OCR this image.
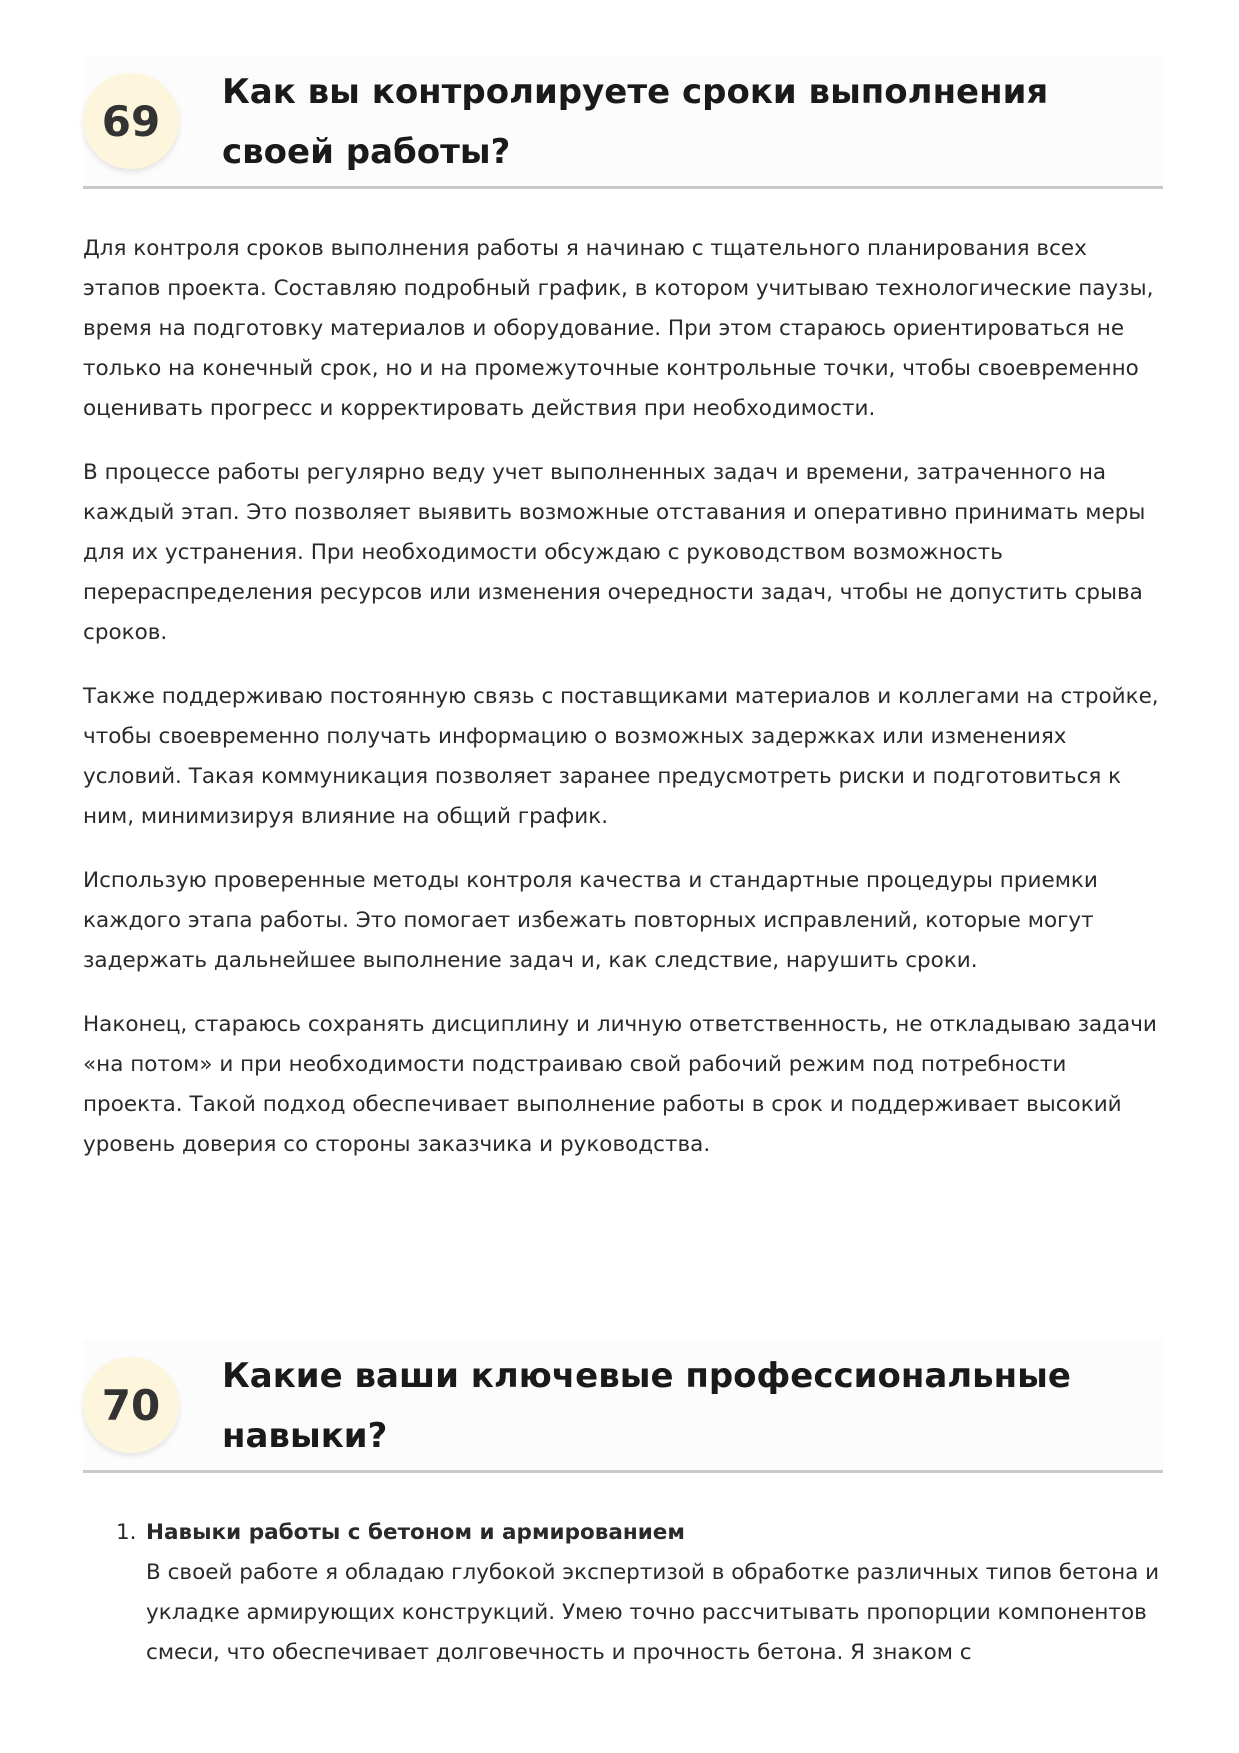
69
Как вы контролируете сроки выполнения своей работы?

Для контроля сроков выполнения работы я начинаю с тщательного планирования всех этапов проекта. Составляю подробный график, в котором учитываю технологические паузы, время на подготовку материалов и оборудование. При этом стараюсь ориентироваться не только на конечный срок, но и на промежуточные контрольные точки, чтобы своевременно оценивать прогресс и корректировать действия при необходимости.

В процессе работы регулярно веду учет выполненных задач и времени, затраченного на каждый этап. Это позволяет выявить возможные отставания и оперативно принимать меры для их устранения. При необходимости обсуждаю с руководством возможность перераспределения ресурсов или изменения очередности задач, чтобы не допустить срыва сроков.

Также поддерживаю постоянную связь с поставщиками материалов и коллегами на стройке, чтобы своевременно получать информацию о возможных задержках или изменениях условий. Такая коммуникация позволяет заранее предусмотреть риски и подготовиться к ним, минимизируя влияние на общий график.

Использую проверенные методы контроля качества и стандартные процедуры приемки каждого этапа работы. Это помогает избежать повторных исправлений, которые могут задержать дальнейшее выполнение задач и, как следствие, нарушить сроки.

Наконец, стараюсь сохранять дисциплину и личную ответственность, не откладываю задачи «на потом» и при необходимости подстраиваю свой рабочий режим под потребности проекта. Такой подход обеспечивает выполнение работы в срок и поддерживает высокий уровень доверия со стороны заказчика и руководства.

70
Какие ваши ключевые профессиональные навыки?
1. Навыки работы с бетоном и армированием
В своей работе я обладаю глубокой экспертизой в обработке различных типов бетона и укладке армирующих конструкций. Умею точно рассчитывать пропорции компонентов смеси, что обеспечивает долговечность и прочность бетона. Я знаком с
